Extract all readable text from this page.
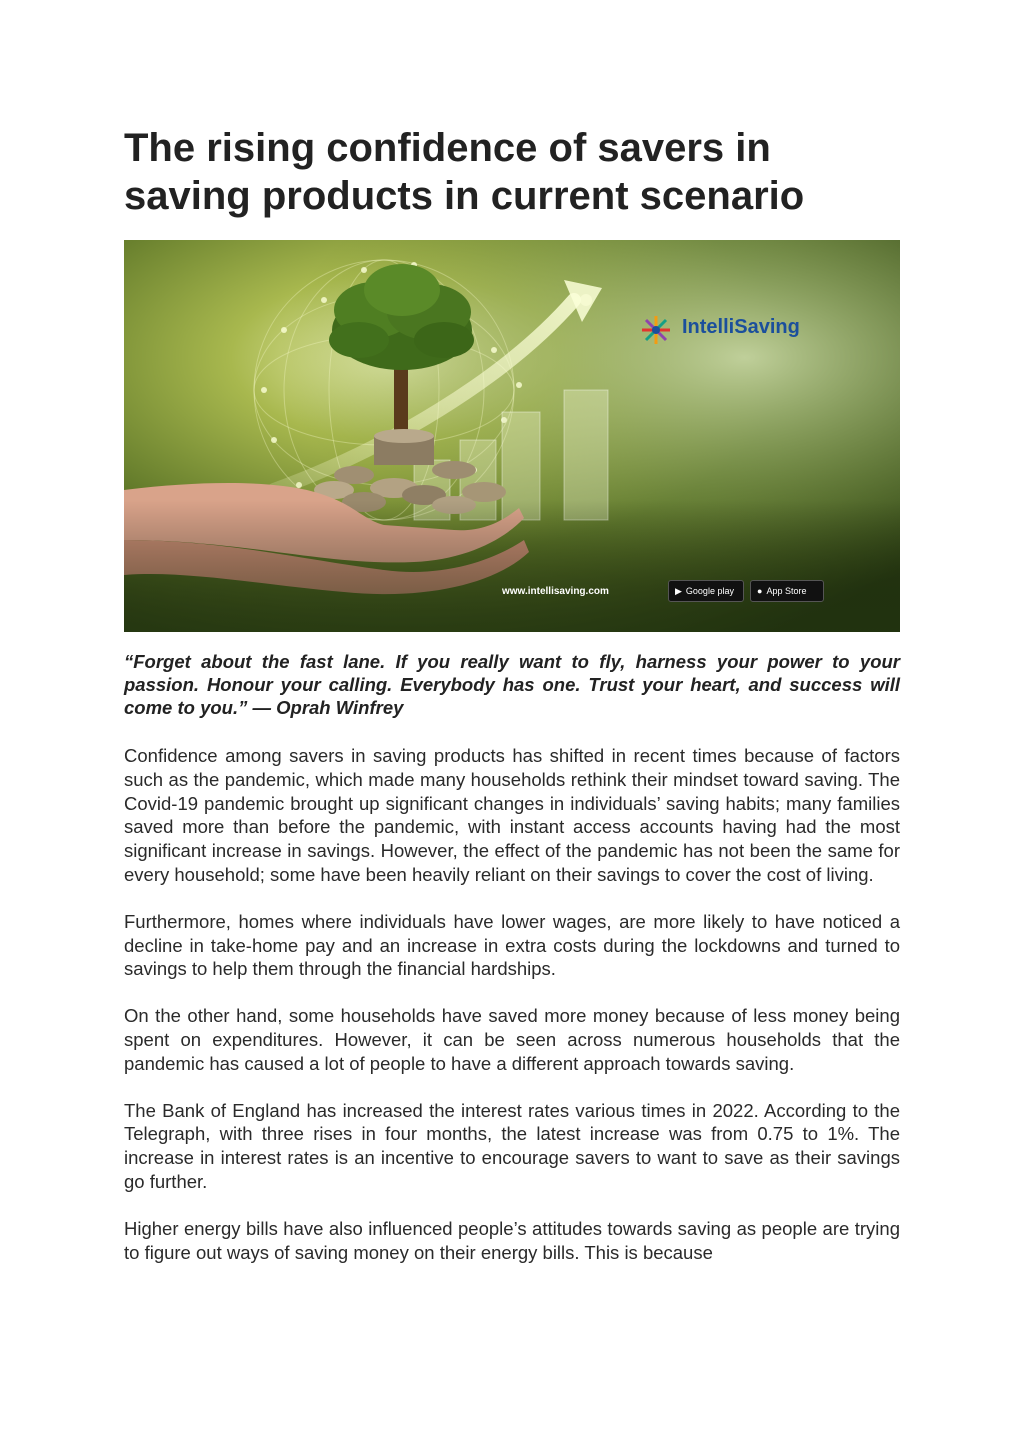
The rising confidence of savers in saving products in current scenario
IntelliSaving
www.intellisaving.com	▶ Google play	● App Store

“Forget about the fast lane. If you really want to fly, harness your power to your passion. Honour your calling. Everybody has one. Trust your heart, and success will come to you.” — Oprah Winfrey

Confidence among savers in saving products has shifted in recent times because of factors such as the pandemic, which made many households rethink their mindset toward saving. The Covid-19 pandemic brought up significant changes in individuals’ saving habits; many families saved more than before the pandemic, with instant access accounts having had the most significant increase in savings. However, the effect of the pandemic has not been the same for every household; some have been heavily reliant on their savings to cover the cost of living.

Furthermore, homes where individuals have lower wages, are more likely to have noticed a decline in take-home pay and an increase in extra costs during the lockdowns and turned to savings to help them through the financial hardships.

On the other hand, some households have saved more money because of less money being spent on expenditures. However, it can be seen across numerous households that the pandemic has caused a lot of people to have a different approach towards saving.

The Bank of England has increased the interest rates various times in 2022. According to the Telegraph, with three rises in four months, the latest increase was from 0.75 to 1%. The increase in interest rates is an incentive to encourage savers to want to save as their savings go further.

Higher energy bills have also influenced people’s attitudes towards saving as people are trying to figure out ways of saving money on their energy bills. This is because
